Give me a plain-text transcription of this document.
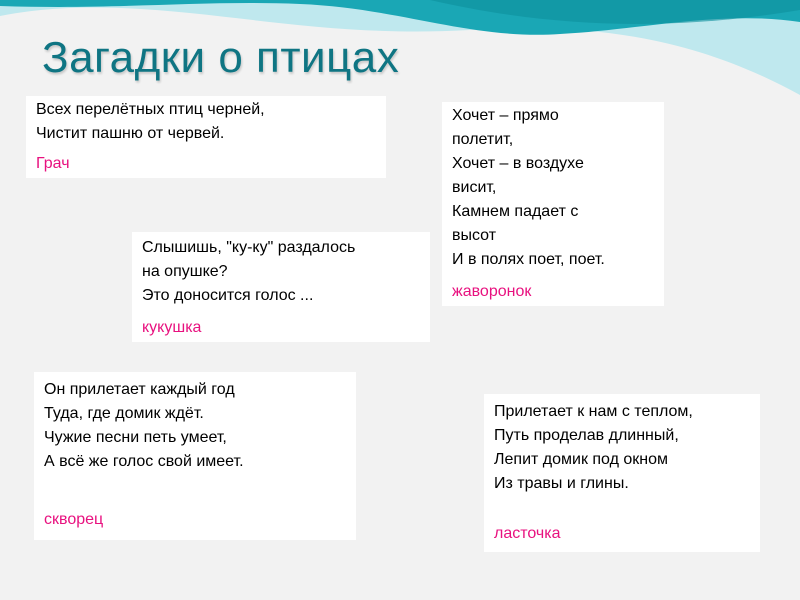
Загадки о птицах
Всех перелётных птиц черней,
Чистит пашню от червей.
Грач
Хочет – прямо
полетит,
Хочет – в воздухе
висит,
Камнем падает с
высот
И в полях поет, поет.
жаворонок
Слышишь, "ку-ку" раздалось
на опушке?
Это доносится голос ...
кукушка
Он прилетает каждый год
Туда, где домик ждёт.
Чужие песни петь умеет,
А всё же голос свой имеет.
скворец
Прилетает к нам с теплом,
Путь проделав длинный,
Лепит домик под окном
Из травы и глины.
ласточка
